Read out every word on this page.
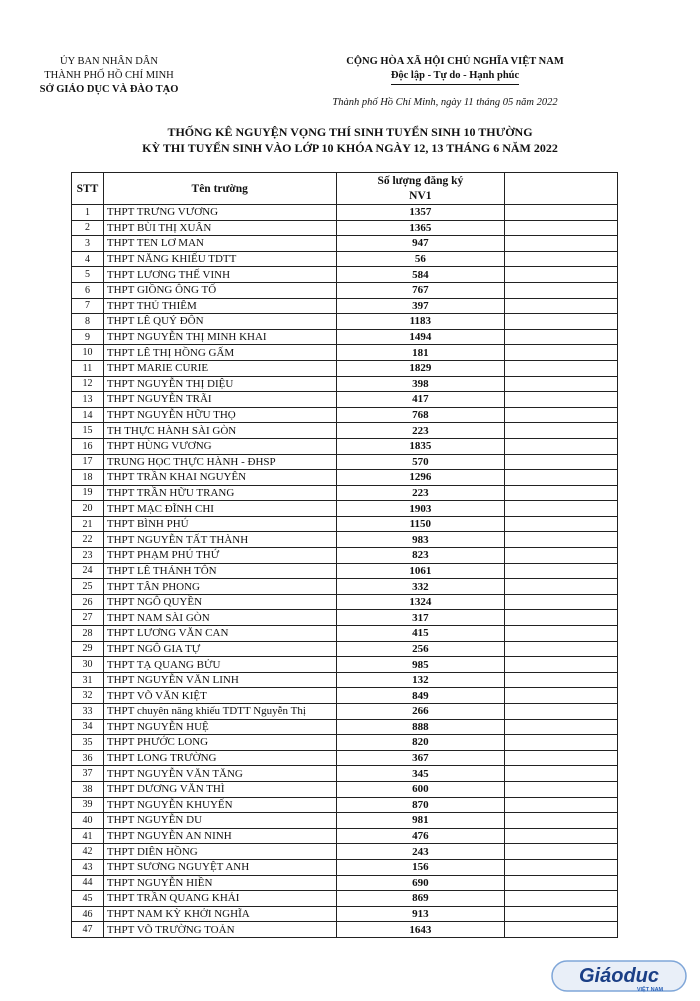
ỦY BAN NHÂN DÂN
THÀNH PHỐ HỒ CHÍ MINH
SỞ GIÁO DỤC VÀ ĐÀO TẠO
CỘNG HÒA XÃ HỘI CHỦ NGHĨA VIỆT NAM
Độc lập - Tự do - Hạnh phúc
Thành phố Hồ Chí Minh, ngày 11 tháng 05 năm 2022
THỐNG KÊ NGUYỆN VỌNG THÍ SINH TUYỂN SINH 10 THƯỜNG
KỲ THI TUYỂN SINH VÀO LỚP 10 KHÓA NGÀY 12, 13 THÁNG 6 NĂM 2022
STT	Tên trường	Số lượng đăng ký
NV1	

1	THPT TRƯNG VƯƠNG	1357	
2	THPT BÙI THỊ XUÂN	1365	
3	THPT TEN LƠ MAN	947	
4	THPT NĂNG KHIẾU TDTT	56	
5	THPT LƯƠNG THẾ VINH	584	
6	THPT GIỒNG ÔNG TỐ	767	
7	THPT THỦ THIÊM	397	
8	THPT LÊ QUÝ ĐÔN	1183	
9	THPT NGUYỄN THỊ MINH KHAI	1494	
10	THPT LÊ THỊ HỒNG GẤM	181	
11	THPT MARIE CURIE	1829	
12	THPT NGUYỄN THỊ DIỆU	398	
13	THPT NGUYỄN TRÃI	417	
14	THPT NGUYỄN HỮU THỌ	768	
15	TH THỰC HÀNH SÀI GÒN	223	
16	THPT HÙNG VƯƠNG	1835	
17	TRUNG HỌC THỰC HÀNH - ĐHSP	570	
18	THPT TRẦN KHAI NGUYÊN	1296	
19	THPT TRẦN HỮU TRANG	223	
20	THPT MẠC ĐĨNH CHI	1903	
21	THPT BÌNH PHÚ	1150	
22	THPT NGUYỄN TẤT THÀNH	983	
23	THPT PHẠM PHÚ THỨ	823	
24	THPT LÊ THÁNH TÔN	1061	
25	THPT TÂN PHONG	332	
26	THPT NGÔ QUYỀN	1324	
27	THPT NAM SÀI GÒN	317	
28	THPT LƯƠNG VĂN CAN	415	
29	THPT NGÔ GIA TỰ	256	
30	THPT TẠ QUANG BỬU	985	
31	THPT NGUYỄN VĂN LINH	132	
32	THPT VÕ VĂN KIỆT	849	
33	THPT chuyên năng khiếu TDTT Nguyễn Thị	266	
34	THPT NGUYỄN HUỆ	888	
35	THPT PHƯỚC LONG	820	
36	THPT LONG TRƯỜNG	367	
37	THPT NGUYỄN VĂN TĂNG	345	
38	THPT DƯƠNG VĂN THÌ	600	
39	THPT NGUYỄN KHUYẾN	870	
40	THPT NGUYỄN DU	981	
41	THPT NGUYỄN AN NINH	476	
42	THPT DIÊN HỒNG	243	
43	THPT SƯƠNG NGUYỆT ANH	156	
44	THPT NGUYỄN HIỀN	690	
45	THPT TRẦN QUANG KHẢI	869	
46	THPT NAM KỲ KHỞI NGHĨA	913	
47	THPT VÕ TRƯỜNG TOẢN	1643	
Giáoduc
VIỆT NAM
